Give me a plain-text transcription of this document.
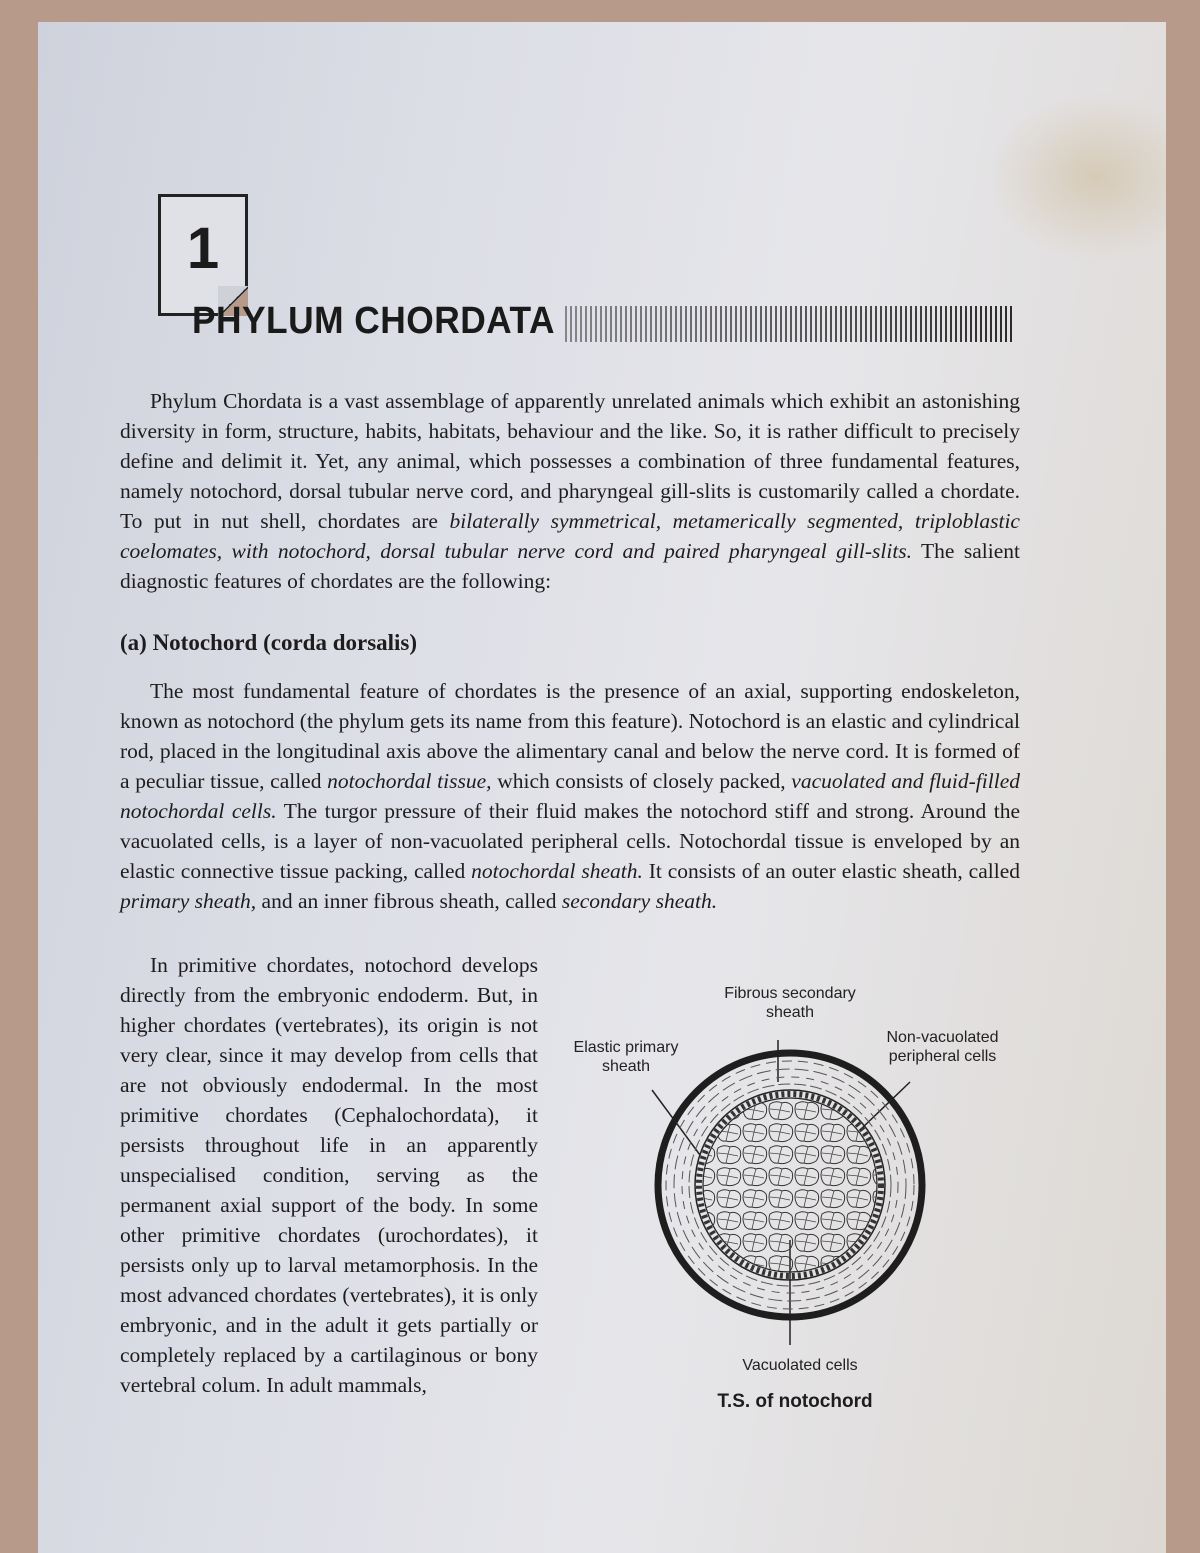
1
PHYLUM CHORDATA
Phylum Chordata is a vast assemblage of apparently unrelated animals which exhibit an astonishing diversity in form, structure, habits, habitats, behaviour and the like. So, it is rather difficult to precisely define and delimit it. Yet, any animal, which possesses a combination of three fundamental features, namely notochord, dorsal tubular nerve cord, and pharyngeal gill-slits is customarily called a chordate. To put in nut shell, chordates are bilaterally symmetrical, metamerically segmented, triploblastic coelomates, with notochord, dorsal tubular nerve cord and paired pharyngeal gill-slits. The salient diagnostic features of chordates are the following:
(a) Notochord (corda dorsalis)
The most fundamental feature of chordates is the presence of an axial, supporting endoskeleton, known as notochord (the phylum gets its name from this feature). Notochord is an elastic and cylindrical rod, placed in the longitudinal axis above the alimentary canal and below the nerve cord. It is formed of a peculiar tissue, called notochordal tissue, which consists of closely packed, vacuolated and fluid-filled notochordal cells. The turgor pressure of their fluid makes the notochord stiff and strong. Around the vacuolated cells, is a layer of non-vacuolated peripheral cells. Notochordal tissue is enveloped by an elastic connective tissue packing, called notochordal sheath. It consists of an outer elastic sheath, called primary sheath, and an inner fibrous sheath, called secondary sheath.
In primitive chordates, notochord develops directly from the embryonic endoderm. But, in higher chordates (vertebrates), its origin is not very clear, since it may develop from cells that are not obviously endodermal. In the most primitive chordates (Cephalochordata), it persists throughout life in an apparently unspecialised condition, serving as the permanent axial support of the body. In some other primitive chordates (urochordates), it persists only up to larval metamorphosis. In the most advanced chordates (vertebrates), it is only embryonic, and in the adult it gets partially or completely replaced by a cartilaginous or bony vertebral colum. In adult mammals,
Fibrous secondary
sheath
Elastic primary
sheath
Non-vacuolated
peripheral cells
Vacuolated cells
T.S. of notochord
